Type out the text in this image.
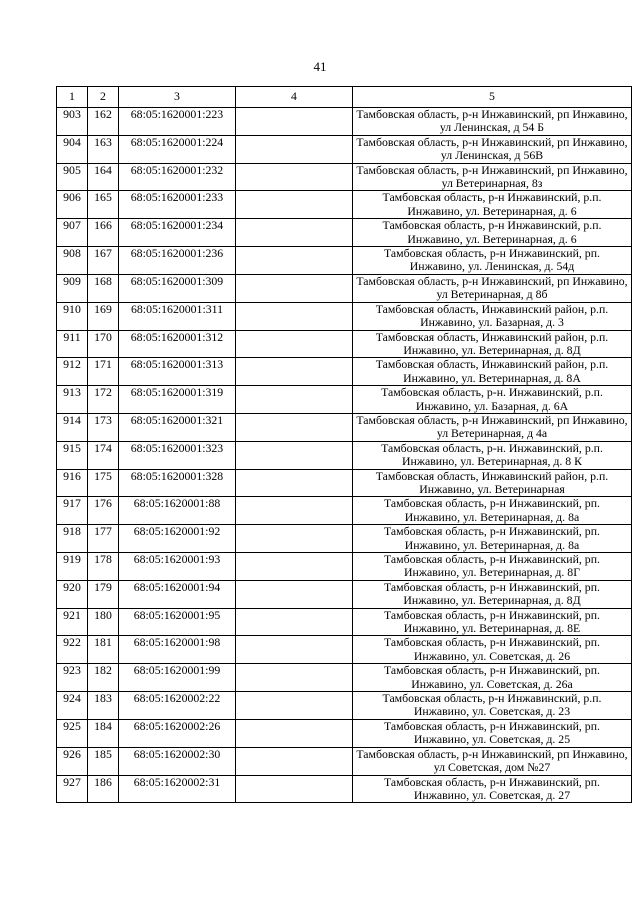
41
1	2	3	4	5
903	162	68:05:1620001:223		Тамбовская область, р-н Инжавинский, рп Инжавино, ул Ленинская, д 54 Б
904	163	68:05:1620001:224		Тамбовская область, р-н Инжавинский, рп Инжавино, ул Ленинская, д 56В
905	164	68:05:1620001:232		Тамбовская область, р-н Инжавинский, рп Инжавино, ул Ветеринарная, 8з
906	165	68:05:1620001:233		Тамбовская область, р-н Инжавинский, р.п. Инжавино, ул. Ветеринарная, д. 6
907	166	68:05:1620001:234		Тамбовская область, р-н Инжавинский, р.п. Инжавино, ул. Ветеринарная, д. 6
908	167	68:05:1620001:236		Тамбовская область, р-н Инжавинский, рп. Инжавино, ул. Ленинская, д. 54д
909	168	68:05:1620001:309		Тамбовская область, р-н Инжавинский, рп Инжавино, ул Ветеринарная, д 8б
910	169	68:05:1620001:311		Тамбовская область, Инжавинский район, р.п. Инжавино, ул. Базарная, д. 3
911	170	68:05:1620001:312		Тамбовская область, Инжавинский район, р.п. Инжавино, ул. Ветеринарная, д. 8Д
912	171	68:05:1620001:313		Тамбовская область, Инжавинский район, р.п. Инжавино, ул. Ветеринарная, д. 8А
913	172	68:05:1620001:319		Тамбовская область, р-н. Инжавинский, р.п. Инжавино, ул. Базарная, д. 6А
914	173	68:05:1620001:321		Тамбовская область, р-н Инжавинский, рп Инжавино, ул Ветеринарная, д 4а
915	174	68:05:1620001:323		Тамбовская область, р-н. Инжавинский, р.п. Инжавино, ул. Ветеринарная, д. 8 К
916	175	68:05:1620001:328		Тамбовская область, Инжавинский район, р.п. Инжавино, ул. Ветеринарная
917	176	68:05:1620001:88		Тамбовская область, р-н Инжавинский, рп. Инжавино, ул. Ветеринарная, д. 8а
918	177	68:05:1620001:92		Тамбовская область, р-н Инжавинский, рп. Инжавино, ул. Ветеринарная, д. 8а
919	178	68:05:1620001:93		Тамбовская область, р-н Инжавинский, рп. Инжавино, ул. Ветеринарная, д. 8Г
920	179	68:05:1620001:94		Тамбовская область, р-н Инжавинский, рп. Инжавино, ул. Ветеринарная, д. 8Д
921	180	68:05:1620001:95		Тамбовская область, р-н Инжавинский, рп. Инжавино, ул. Ветеринарная, д. 8Е
922	181	68:05:1620001:98		Тамбовская область, р-н Инжавинский, рп. Инжавино, ул. Советская, д. 26
923	182	68:05:1620001:99		Тамбовская область, р-н Инжавинский, рп. Инжавино, ул. Советская, д. 26а
924	183	68:05:1620002:22		Тамбовская область, р-н Инжавинский, р.п. Инжавино, ул. Советская, д. 23
925	184	68:05:1620002:26		Тамбовская область, р-н Инжавинский, рп. Инжавино, ул. Советская, д. 25
926	185	68:05:1620002:30		Тамбовская область, р-н Инжавинский, рп Инжавино, ул Советская, дом №27
927	186	68:05:1620002:31		Тамбовская область, р-н Инжавинский, рп. Инжавино, ул. Советская, д. 27
